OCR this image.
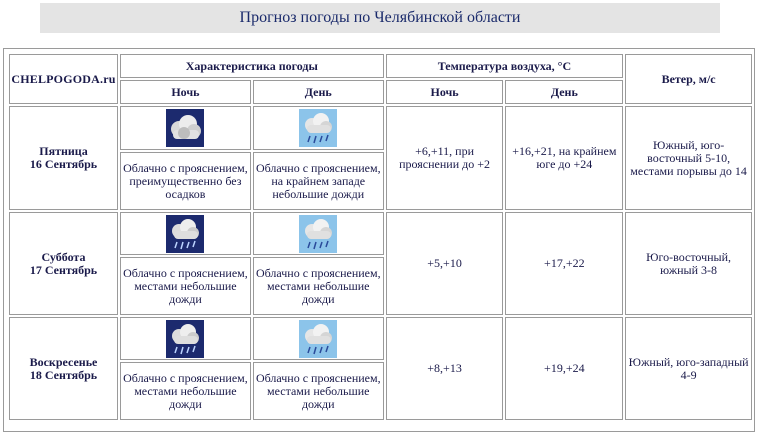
Прогноз погоды по Челябинской области
CHELPOGODA.ru	Характеристика погоды		Температура воздуха, °С		Ветер, м/с
	Ночь	День	Ночь	День	

Пятница
16 Сентябрь			+6,+11, при прояснении до +2	+16,+21, на крайнем юге до +24	Южный, юго-восточный 5-10, местами порывы до 14
	Облачно с прояснением, преимущественно без осадков	Облачно с прояснением, на крайнем западе небольшие дожди			

Суббота
17 Сентябрь			+5,+10	+17,+22	Юго-восточный, южный 3-8
	Облачно с прояснением, местами небольшие дожди	Облачно с прояснением, местами небольшие дожди			

Воскресенье
18 Сентябрь			+8,+13	+19,+24	Южный, юго-западный 4-9
	Облачно с прояснением, местами небольшие дожди	Облачно с прояснением, местами небольшие дожди			
